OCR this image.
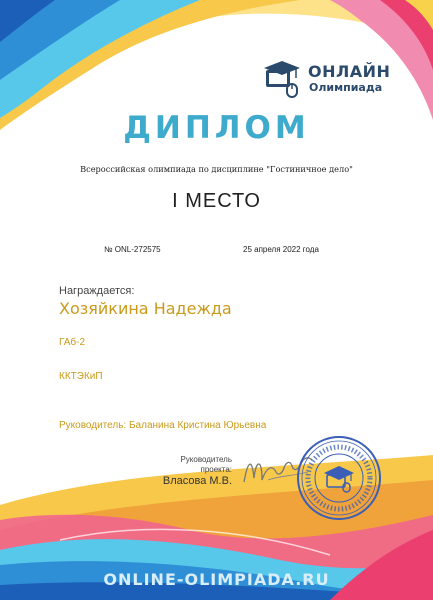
ОНЛАЙН
Олимпиада
ДИПЛОМ
Всероссийская олимпиада по дисциплине "Гостиничное дело"
I МЕСТО
№ ONL-272575	25 апреля 2022 года
Награждается:
Хозяйкина Надежда
ГАб-2
ККТЭКиП
Руководитель: Баланина Кристина Юрьевна
Руководитель
проекта:
Власова М.В.
ONLINE-OLIMPIADA.RU
